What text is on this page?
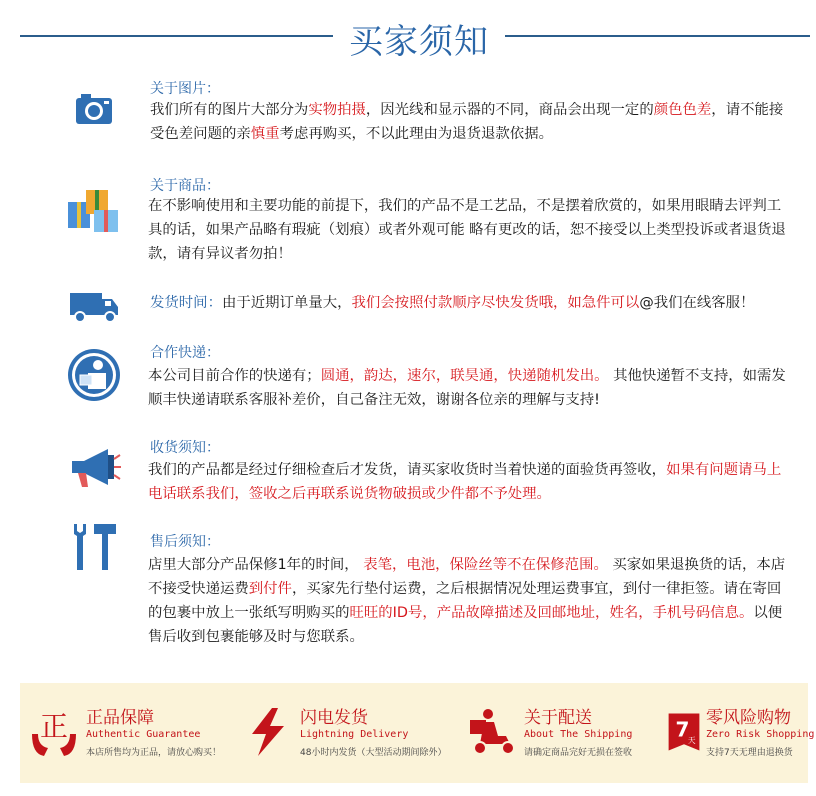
买家须知
关于图片：
我们所有的图片大部分为实物拍摄，因光线和显示器的不同，商品会出现一定的颜色色差，请不能接受色差问题的亲慎重考虑再购买，不以此理由为退货退款依据。
关于商品：
在不影响使用和主要功能的前提下，我们的产品不是工艺品，不是摆着欣赏的，如果用眼睛去评判工具的话，如果产品略有瑕疵（划痕）或者外观可能 略有更改的话，恕不接受以上类型投诉或者退货退款，请有异议者勿拍！
发货时间：由于近期订单量大，我们会按照付款顺序尽快发货哦，如急件可以@我们在线客服！
合作快递：
本公司目前合作的快递有；圆通，韵达，速尔，联昊通，快递随机发出。 其他快递暂不支持，如需发顺丰快递请联系客服补差价，自己备注无效，谢谢各位亲的理解与支持!
收货须知：
我们的产品都是经过仔细检查后才发货，请买家收货时当着快递的面验货再签收，如果有问题请马上电话联系我们，签收之后再联系说货物破损或少件都不予处理。
售后须知：
店里大部分产品保修1年的时间， 表笔，电池，保险丝等不在保修范围。 买家如果退换货的话，本店不接受快递运费到付件，买家先行垫付运费，之后根据情况处理运费事宜，到付一律拒签。请在寄回的包裹中放上一张纸写明购买的旺旺的ID号，产品故障描述及回邮地址，姓名，手机号码信息。以便售后收到包裹能够及时与您联系。
正 正品保障
Authentic Guarantee
本店所售均为正品，请放心购买！
闪电发货
Lightning Delivery
48小时内发货（大型活动期间除外）
关于配送
About The Shipping
请确定商品完好无损在签收
7
天
零风险购物
Zero Risk Shopping
支持7天无理由退换货
